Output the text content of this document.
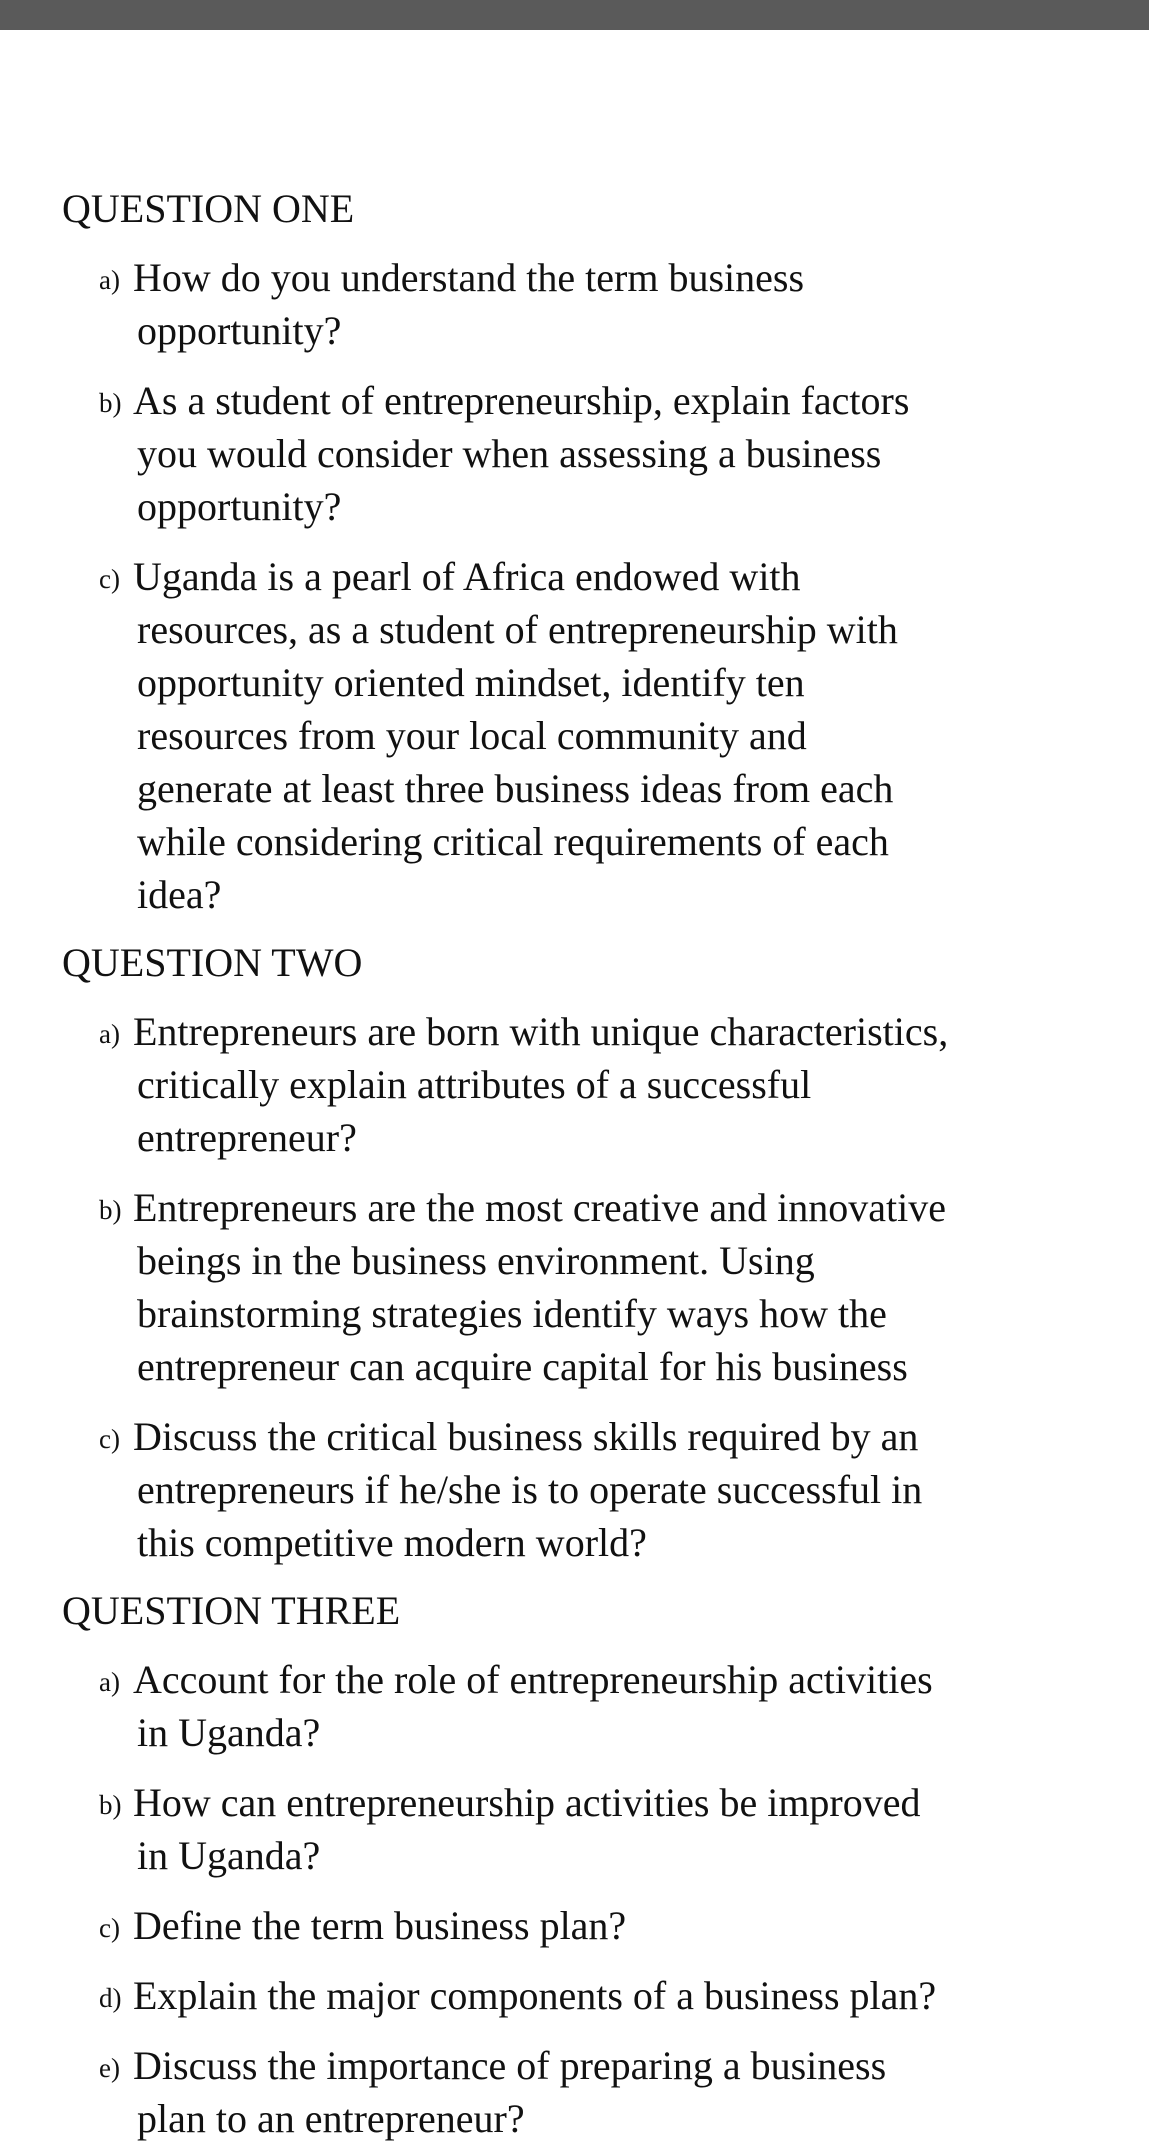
QUESTION ONE
a) How do you understand the term business
opportunity?
b) As a student of entrepreneurship, explain factors
you would consider when assessing a business
opportunity?
c) Uganda is a pearl of Africa endowed with
resources, as a student of entrepreneurship with
opportunity oriented mindset, identify ten
resources from your local community and
generate at least three business ideas from each
while considering critical requirements of each
idea?
QUESTION TWO
a) Entrepreneurs are born with unique characteristics,
critically explain attributes of a successful
entrepreneur?
b) Entrepreneurs are the most creative and innovative
beings in the business environment. Using
brainstorming strategies identify ways how the
entrepreneur can acquire capital for his business
c) Discuss the critical business skills required by an
entrepreneurs if he/she is to operate successful in
this competitive modern world?
QUESTION THREE
a) Account for the role of entrepreneurship activities
in Uganda?
b) How can entrepreneurship activities be improved
in Uganda?
c) Define the term business plan?
d) Explain the major components of a business plan?
e) Discuss the importance of preparing a business
plan to an entrepreneur?
